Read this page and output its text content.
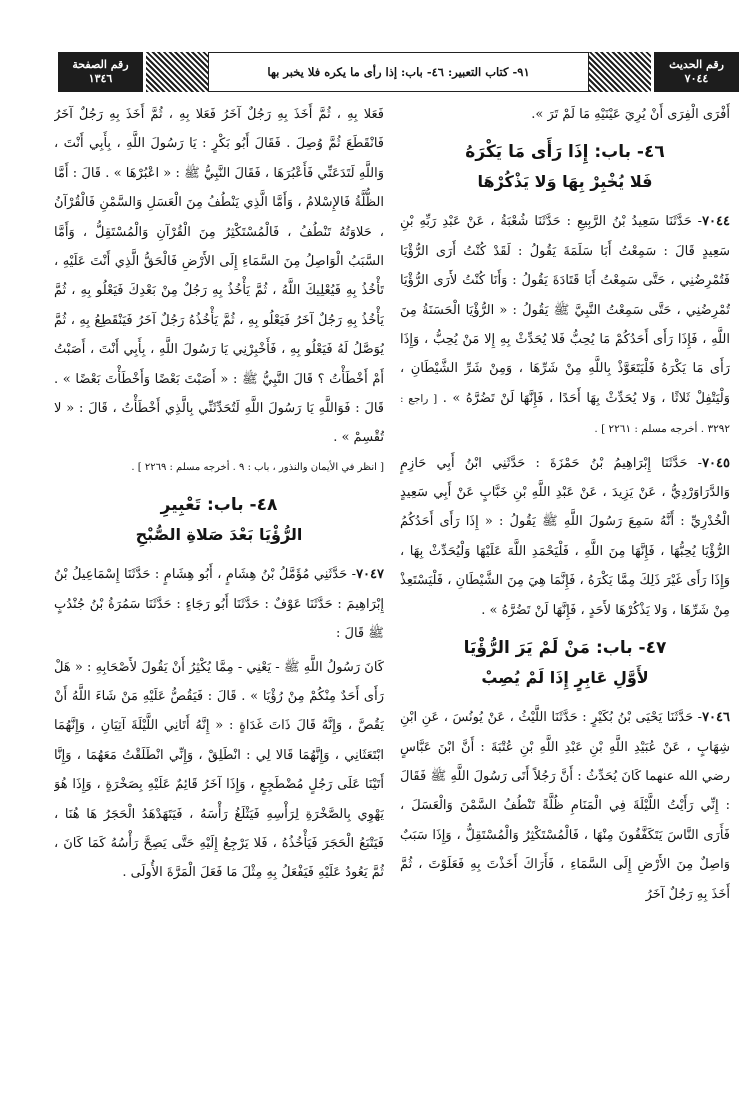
رقم الصفحة
١٣٤٦	٩١- كتاب التعبير: ٤٦- باب: إذا رأى ما يكره فلا يخبر بها
رقم الحديث
٧٠٤٤

أَفْرَى الْفِرَى أَنْ يُرِيَ عَيْنَيْهِ مَا لَمْ تَرَ ».

٤٦- باب: إِذَا رَأَى مَا يَكْرَهُ
فَلا يُخْبِرْ بِهَا وَلا يَذْكُرْهَا

٧٠٤٤- حَدَّثَنَا سَعِيدُ بْنُ الرَّبِيعِ : حَدَّثَنَا شُعْبَةُ ، عَنْ عَبْدِ رَبِّهِ بْنِ سَعِيدٍ قَالَ : سَمِعْتُ أَبَا سَلَمَةَ يَقُولُ : لَقَدْ كُنْتُ أَرَى الرُّؤْيَا فَتُمْرِضُنِي ، حَتَّى سَمِعْتُ أَبَا قَتَادَةَ يَقُولُ : وَأَنَا كُنْتُ لأَرَى الرُّؤْيَا تُمْرِضُنِي ، حَتَّى سَمِعْتُ النَّبِيَّ ﷺ يَقُولُ : « الرُّؤْيَا الْحَسَنَةُ مِنَ اللَّهِ ، فَإِذَا رَأَى أَحَدُكُمْ مَا يُحِبُّ فَلا يُحَدِّثْ بِهِ إِلا مَنْ يُحِبُّ ، وَإِذَا رَأَى مَا يَكْرَهُ فَلْيَتَعَوَّذْ بِاللَّهِ مِنْ شَرِّهَا ، وَمِنْ شَرِّ الشَّيْطَانِ ، وَلْيَتْفِلْ ثَلاثًا ، وَلا يُحَدِّثْ بِهَا أَحَدًا ، فَإِنَّهَا لَنْ تَضُرَّهُ » . [ راجع : ٣٢٩٢ . أخرجه مسلم : ٢٢٦١ ] .

٧٠٤٥- حَدَّثَنَا إِبْرَاهِيمُ بْنُ حَمْزَةَ : حَدَّثَنِي ابْنُ أَبِي حَازِمٍ وَالدَّرَاوَرْدِيُّ ، عَنْ يَزِيدَ ، عَنْ عَبْدِ اللَّهِ بْنِ خَبَّابٍ عَنْ أَبِي سَعِيدٍ الْخُدْرِيِّ : أَنَّهُ سَمِعَ رَسُولَ اللَّهِ ﷺ يَقُولُ : « إِذَا رَأَى أَحَدُكُمُ الرُّؤْيَا يُحِبُّهَا ، فَإِنَّهَا مِنَ اللَّهِ ، فَلْيَحْمَدِ اللَّهَ عَلَيْهَا وَلْيُحَدِّثْ بِهَا ، وَإِذَا رَأَى غَيْرَ ذَلِكَ مِمَّا يَكْرَهُ ، فَإِنَّمَا هِيَ مِنَ الشَّيْطَانِ ، فَلْيَسْتَعِذْ مِنْ شَرِّهَا ، وَلا يَذْكُرْهَا لأَحَدٍ ، فَإِنَّهَا لَنْ تَضُرَّهُ » .

٤٧- باب: مَنْ لَمْ يَرَ الرُّؤْيَا
لأَوَّلِ عَابِرٍ إِذَا لَمْ يُصِبْ

٧٠٤٦- حَدَّثَنَا يَحْيَى بْنُ بُكَيْرٍ : حَدَّثَنَا اللَّيْثُ ، عَنْ يُونُسَ ، عَنِ ابْنِ شِهَابٍ ، عَنْ عُبَيْدِ اللَّهِ بْنِ عَبْدِ اللَّهِ بْنِ عُتْبَةَ : أَنَّ ابْنَ عَبَّاسٍ رضي الله عنهما كَانَ يُحَدِّثُ : أَنَّ رَجُلاً أَتَى رَسُولَ اللَّهِ ﷺ فَقَالَ : إِنِّي رَأَيْتُ اللَّيْلَةَ فِي الْمَنَامِ ظُلَّةً تَنْطُفُ السَّمْنَ وَالْعَسَلَ ، فَأَرَى النَّاسَ يَتَكَفَّفُونَ مِنْهَا ، فَالْمُسْتَكْثِرُ وَالْمُسْتَقِلُّ ، وَإِذَا سَبَبٌ وَاصِلٌ مِنَ الأَرْضِ إِلَى السَّمَاءِ ، فَأَرَاكَ أَخَذْتَ بِهِ فَعَلَوْتَ ، ثُمَّ أَخَذَ بِهِ رَجُلٌ آخَرُ

فَعَلا بِهِ ، ثُمَّ أَخَذَ بِهِ رَجُلٌ آخَرُ فَعَلا بِهِ ، ثُمَّ أَخَذَ بِهِ رَجُلٌ آخَرُ فَانْقَطَعَ ثُمَّ وُصِلَ . فَقَالَ أَبُو بَكْرٍ : يَا رَسُولَ اللَّهِ ، بِأَبِي أَنْتَ ، وَاللَّهِ لَتَدَعَنِّي فَأَعْبُرَهَا ، فَقَالَ النَّبِيُّ ﷺ : « اعْبُرْهَا » . قَالَ : أَمَّا الظُّلَّةُ فَالإِسْلامُ ، وَأَمَّا الَّذِي يَنْطُفُ مِنَ الْعَسَلِ وَالسَّمْنِ فَالْقُرْآنُ ، حَلاوَتُهُ تَنْطُفُ ، فَالْمُسْتَكْثِرُ مِنَ الْقُرْآنِ وَالْمُسْتَقِلُّ ، وَأَمَّا السَّبَبُ الْوَاصِلُ مِنَ السَّمَاءِ إِلَى الأَرْضِ فَالْحَقُّ الَّذِي أَنْتَ عَلَيْهِ ، تَأْخُذُ بِهِ فَيُعْلِيكَ اللَّهُ ، ثُمَّ يَأْخُذُ بِهِ رَجُلٌ مِنْ بَعْدِكَ فَيَعْلُو بِهِ ، ثُمَّ يَأْخُذُ بِهِ رَجُلٌ آخَرُ فَيَعْلُو بِهِ ، ثُمَّ يَأْخُذُهُ رَجُلٌ آخَرُ فَيَنْقَطِعُ بِهِ ، ثُمَّ يُوَصَّلُ لَهُ فَيَعْلُو بِهِ ، فَأَخْبِرْنِي يَا رَسُولَ اللَّهِ ، بِأَبِي أَنْتَ ، أَصَبْتُ أَمْ أَخْطَأْتُ ؟ قَالَ النَّبِيُّ ﷺ : « أَصَبْتَ بَعْضًا وَأَخْطَأْتَ بَعْضًا » . قَالَ : فَوَاللَّهِ يَا رَسُولَ اللَّهِ لَتُحَدِّثَنِّي بِالَّذِي أَخْطَأْتُ ، قَالَ : « لا تُقْسِمْ » .

[ انظر في الأيمان والنذور ، باب : ٩ . أخرجه مسلم : ٢٢٦٩ ] .

٤٨- باب: تَعْبِيرِ
الرُّؤْيَا بَعْدَ صَلاةِ الصُّبْحِ

٧٠٤٧- حَدَّثَنِي مُؤَمَّلُ بْنُ هِشَامٍ ، أَبُو هِشَامٍ : حَدَّثَنَا إِسْمَاعِيلُ بْنُ إِبْرَاهِيمَ : حَدَّثَنَا عَوْفٌ : حَدَّثَنَا أَبُو رَجَاءٍ : حَدَّثَنَا سَمُرَةُ بْنُ جُنْدُبٍ ﷺ قَالَ :

كَانَ رَسُولُ اللَّهِ ﷺ - يَعْنِي - مِمَّا يُكْثِرُ أَنْ يَقُولَ لأَصْحَابِهِ : « هَلْ رَأَى أَحَدٌ مِنْكُمْ مِنْ رُؤْيَا » . قَالَ : فَيَقُصُّ عَلَيْهِ مَنْ شَاءَ اللَّهُ أَنْ يَقُصَّ ، وَإِنَّهُ قَالَ ذَاتَ غَدَاةٍ : « إِنَّهُ أَتَانِي اللَّيْلَةَ آتِيَانِ ، وَإِنَّهُمَا ابْتَعَثَانِي ، وَإِنَّهُمَا قَالا لِي : انْطَلِقْ ، وَإِنِّي انْطَلَقْتُ مَعَهُمَا ، وَإِنَّا أَتَيْنَا عَلَى رَجُلٍ مُضْطَجِعٍ ، وَإِذَا آخَرُ قَائِمٌ عَلَيْهِ بِصَخْرَةٍ ، وَإِذَا هُوَ يَهْوِي بِالصَّخْرَةِ لِرَأْسِهِ فَيَثْلَغُ رَأْسَهُ ، فَيَتَهَدْهَدُ الْحَجَرُ هَا هُنَا ، فَيَتْبَعُ الْحَجَرَ فَيَأْخُذُهُ ، فَلا يَرْجِعُ إِلَيْهِ حَتَّى يَصِحَّ رَأْسُهُ كَمَا كَانَ ، ثُمَّ يَعُودُ عَلَيْهِ فَيَفْعَلُ بِهِ مِثْلَ مَا فَعَلَ الْمَرَّةَ الأُولَى .
